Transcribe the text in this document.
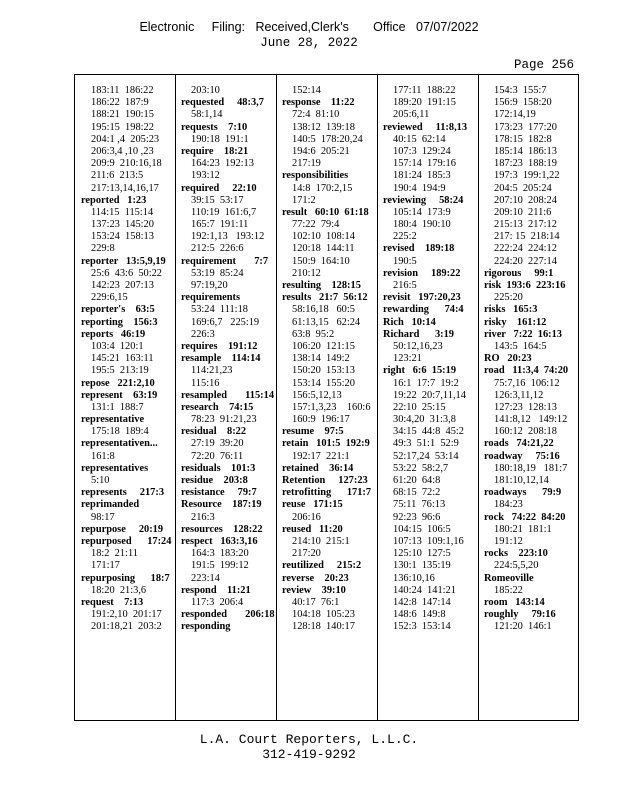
Electronic     Filing:   Received,Clerk's       Office   07/07/2022
June 28, 2022
Page 256
183:11  186:22
186:22  187:9
188:21  190:15
195:15  198:22
204:1 ,4  205:23
206:3,4 ,10 ,23
209:9  210:16,18
211:6  213:5
217:13,14,16,17
reported   1:23
114:15  115:14
137:23  145:20
153:24  158:13
229:8
reporter   13:5,9,19
25:6  43:6  50:22
142:23  207:13
229:6,15
reporter's    63:5
reporting    156:3
reports   46:19
103:4  120:1
145:21  163:11
195:5  213:19
repose   221:2,10
represent    63:19
131:1  188:7
representative
175:18  189:4
representativen...
161:8
representatives
5:10
represents     217:3
reprimanded
98:17
repurpose     20:19
repurposed      17:24
18:2  21:11
171:17
repurposing      18:7
18:20  21:3,6
request    7:13
191:2,10  201:17
201:18,21  203:2
203:10
requested     48:3,7
58:1,14
requests    7:10
190:18  191:1
require    18:21
164:23  192:13
193:12
required     22:10
39:15  53:17
110:19  161:6,7
165:7  191:11
192:1,13   193:12
212:5  226:6
requirement       7:7
53:19  85:24
97:19,20
requirements
53:24  111:18
169:6,7   225:19
226:3
requires    191:12
resample    114:14
114:21,23
115:16
resampled       115:14
research    74:15
78:23  91:21,23
residual    8:22
27:19  39:20
72:20  76:11
residuals    101:3
residue    203:8
resistance     79:7
Resource    187:19
216:3
resources    128:22
respect   163:3,16
164:3  183:20
191:5  199:12
223:14
respond    11:21
117:3  206:4
responded       206:18
responding
152:14
response    11:22
72:4  81:10
138:12  139:18
140:5  178:20,24
194:6  205:21
217:19
responsibilities
14:8  170:2,15
171:2
result   60:10  61:18
77:22  79:4
102:10  108:14
120:18  144:11
150:9  164:10
210:12
resulting    128:15
results   21:7  56:12
58:16,18   60:5
61:13,15   62:24
63:8  95:2
106:20  121:15
138:14  149:2
150:20  153:13
153:14  155:20
156:5,12,13
157:1,3,23    160:6
160:9  196:17
resume    97:5
retain   101:5  192:9
192:17  221:1
retained    36:14
Retention     127:23
retrofitting      171:7
reuse   171:15
206:16
reused   11:20
214:10  215:1
217:20
reutilized     215:2
reverse    20:23
review    39:10
40:17  76:1
104:18  105:23
128:18  140:17
177:11  188:22
189:20  191:15
205:6,11
reviewed     11:8,13
40:15  62:14
107:3  129:24
157:14  179:16
181:24  185:3
190:4  194:9
reviewing     58:24
105:14  173:9
180:4  190:10
225:2
revised    189:18
190:5
revision     189:22
216:5
revisit   197:20,23
rewarding      74:4
Rich   10:14
Richard      3:19
50:12,16,23
123:21
right   6:6  15:19
16:1  17:7  19:2
19:22  20:7,11,14
22:10  25:15
30:4,20  31:3,8
34:15  44:8  45:2
49:3  51:1  52:9
52:17,24  53:14
53:22  58:2,7
61:20  64:8
68:15  72:2
75:11  76:13
92:23  96:6
104:15  106:5
107:13  109:1,16
125:10  127:5
130:1  135:19
136:10,16
140:24  141:21
142:8  147:14
148:6  149:8
152:3  153:14
154:3  155:7
156:9  158:20
172:14,19
173:23  177:20
178:15  182:8
185:14  186:13
187:23  188:19
197:3  199:1,22
204:5  205:24
207:10  208:24
209:10  211:6
215:13  217:12
217: 15  218:14
222:24  224:12
224:20  227:14
rigorous     99:1
risk  193:6  223:16
225:20
risks   165:3
risky    161:12
river   7:22  16:13
143:5  164:5
RO   20:23
road   11:3,4  74:20
75:7,16  106:12
126:3,11,12
127:23  128:13
141:8,12   149:12
160:12  208:18
roads   74:21,22
roadway     75:16
180:18,19   181:7
181:10,12,14
roadways      79:9
184:23
rock   74:22  84:20
180:21  181:1
191:12
rocks    223:10
224:5,5,20
Romeoville
185:22
room   143:14
roughly     79:16
121:20  146:1
L.A. Court Reporters, L.L.C.
312-419-9292
